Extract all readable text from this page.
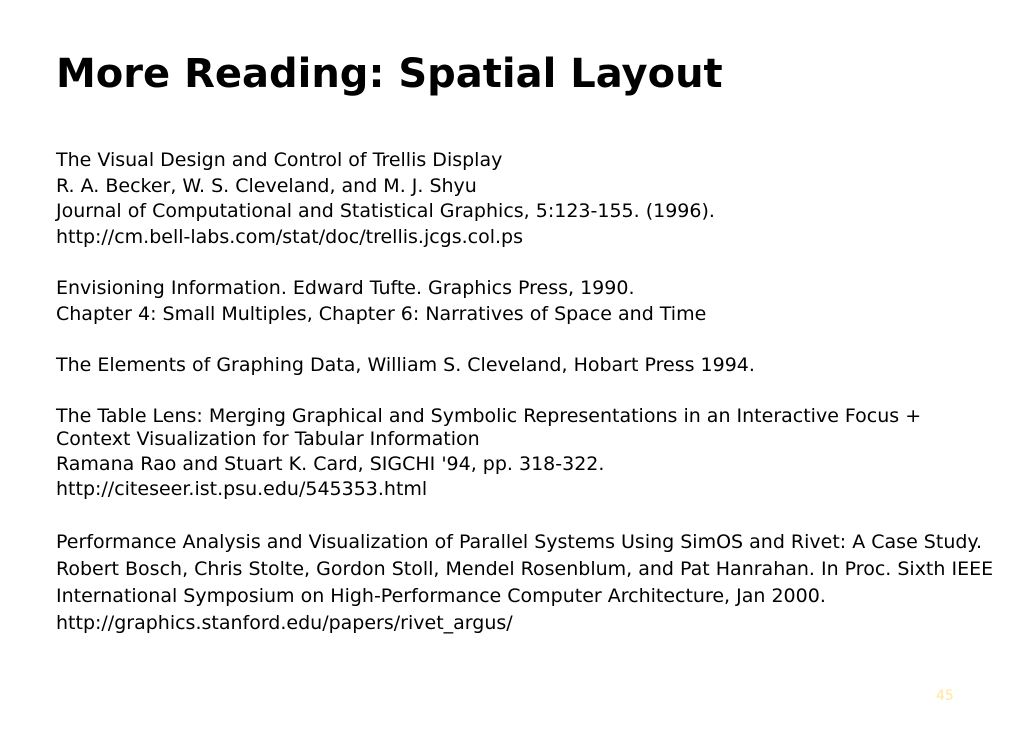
More Reading: Spatial Layout
The Visual Design and Control of Trellis Display
R. A. Becker, W. S. Cleveland, and M. J. Shyu
Journal of Computational and Statistical Graphics, 5:123-155. (1996).
http://cm.bell-labs.com/stat/doc/trellis.jcgs.col.ps
Envisioning Information. Edward Tufte. Graphics Press, 1990.
Chapter 4: Small Multiples, Chapter 6: Narratives of Space and Time
The Elements of Graphing Data, William S. Cleveland, Hobart Press 1994.
The Table Lens: Merging Graphical and Symbolic Representations in an Interactive Focus + Context Visualization for Tabular Information
Ramana Rao and Stuart K. Card, SIGCHI '94, pp. 318-322.
http://citeseer.ist.psu.edu/545353.html
Performance Analysis and Visualization of Parallel Systems Using SimOS and Rivet: A Case Study. Robert Bosch, Chris Stolte, Gordon Stoll, Mendel Rosenblum, and Pat Hanrahan. In Proc. Sixth IEEE International Symposium on High-Performance Computer Architecture, Jan 2000. http://graphics.stanford.edu/papers/rivet_argus/
45
